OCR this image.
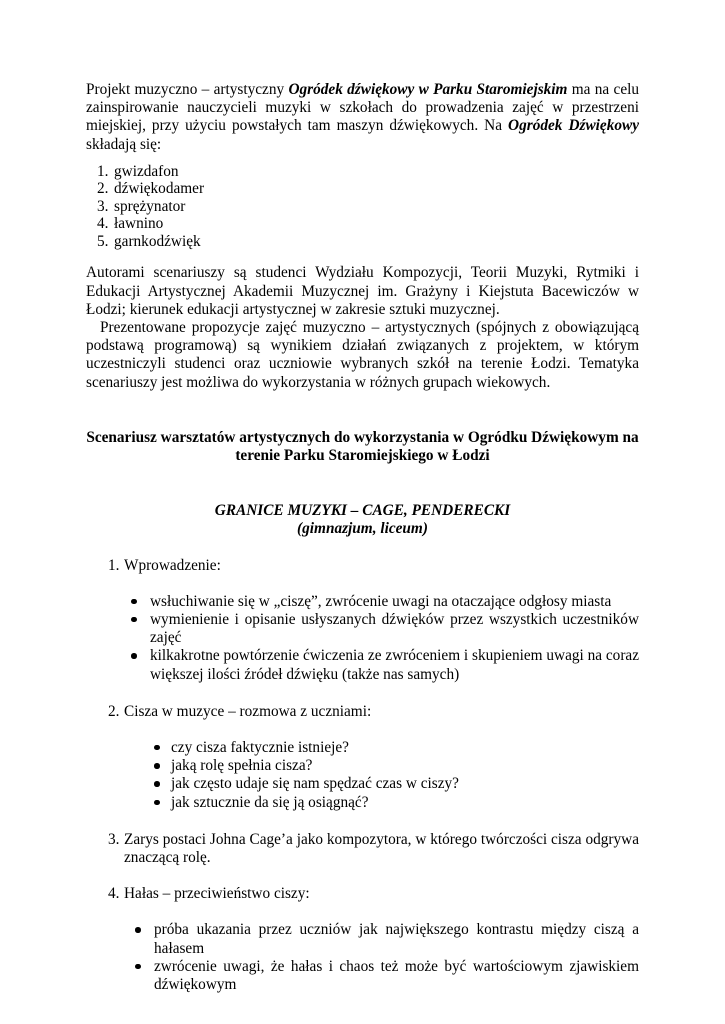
Projekt muzyczno – artystyczny Ogródek dźwiękowy w Parku Staromiejskim ma na celu zainspirowanie nauczycieli muzyki w szkołach do prowadzenia zajęć w przestrzeni miejskiej, przy użyciu powstałych tam maszyn dźwiękowych. Na Ogródek Dźwiękowy składają się:

1. gwizdafon
2. dźwiękodamer
3. sprężynator
4. ławnino
5. garnkodźwięk

Autorami scenariuszy są studenci Wydziału Kompozycji, Teorii Muzyki, Rytmiki i Edukacji Artystycznej Akademii Muzycznej im. Grażyny i Kiejstuta Bacewiczów w Łodzi; kierunek edukacji artystycznej w zakresie sztuki muzycznej.

Prezentowane propozycje zajęć muzyczno – artystycznych (spójnych z obowiązującą podstawą programową) są wynikiem działań związanych z projektem, w którym uczestniczyli studenci oraz uczniowie wybranych szkół na terenie Łodzi. Tematyka scenariuszy jest możliwa do wykorzystania w różnych grupach wiekowych.

Scenariusz warsztatów artystycznych do wykorzystania w Ogródku Dźwiękowym na
terenie Parku Staromiejskiego w Łodzi
GRANICE MUZYKI – CAGE, PENDERECKI
(gimnazjum, liceum)
1. Wprowadzenie:
wsłuchiwanie się w „ciszę”, zwrócenie uwagi na otaczające odgłosy miasta
wymienienie i opisanie usłyszanych dźwięków przez wszystkich uczestników zajęć
kilkakrotne powtórzenie ćwiczenia ze zwróceniem i skupieniem uwagi na coraz większej ilości źródeł dźwięku (także nas samych)
2. Cisza w muzyce – rozmowa z uczniami:
czy cisza faktycznie istnieje?
jaką rolę spełnia cisza?
jak często udaje się nam spędzać czas w ciszy?
jak sztucznie da się ją osiągnąć?
3. Zarys postaci Johna Cage’a jako kompozytora, w którego twórczości cisza odgrywa znaczącą rolę.
4. Hałas – przeciwieństwo ciszy:
próba ukazania przez uczniów jak największego kontrastu między ciszą a hałasem
zwrócenie uwagi, że hałas i chaos też może być wartościowym zjawiskiem dźwiękowym
